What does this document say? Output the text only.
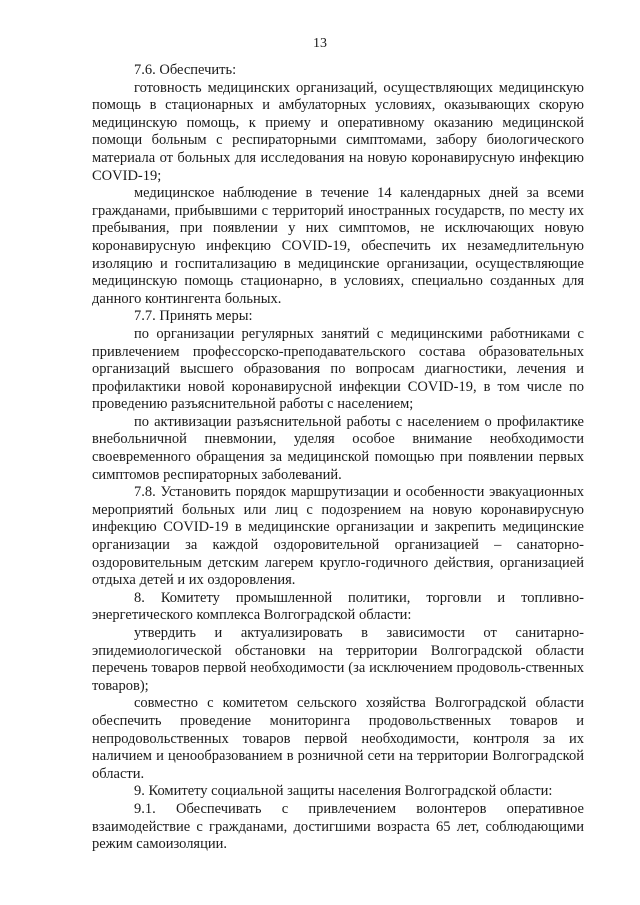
13

7.6. Обеспечить:

готовность медицинских организаций, осуществляющих медицинскую помощь в стационарных и амбулаторных условиях, оказывающих скорую медицинскую помощь, к приему и оперативному оказанию медицинской помощи больным с респираторными симптомами, забору биологического материала от больных для исследования на новую коронавирусную инфекцию COVID-19;

медицинское наблюдение в течение 14 календарных дней за всеми гражданами, прибывшими с территорий иностранных государств, по месту их пребывания, при появлении у них симптомов, не исключающих новую коронавирусную инфекцию COVID-19, обеспечить их незамедлительную изоляцию и госпитализацию в медицинские организации, осуществляющие медицинскую помощь стационарно, в условиях, специально созданных для данного контингента больных.

7.7. Принять меры:

по организации регулярных занятий с медицинскими работниками с привлечением профессорско-преподавательского состава образовательных организаций высшего образования по вопросам диагностики, лечения и профилактики новой коронавирусной инфекции COVID-19, в том числе по проведению разъяснительной работы с населением;

по активизации разъяснительной работы с населением о профилактике внебольничной пневмонии, уделяя особое внимание необходимости своевременного обращения за медицинской помощью при появлении первых симптомов респираторных заболеваний.

7.8. Установить порядок маршрутизации и особенности эвакуационных мероприятий больных или лиц с подозрением на новую коронавирусную инфекцию COVID-19 в медицинские организации и закрепить медицинские организации за каждой оздоровительной организацией – санаторно-оздоровительным детским лагерем кругло-годичного действия, организацией отдыха детей и их оздоровления.

8. Комитету промышленной политики, торговли и топливно-энергетического комплекса Волгоградской области:

утвердить и актуализировать в зависимости от санитарно-эпидемиологической обстановки на территории Волгоградской области перечень товаров первой необходимости (за исключением продоволь-ственных товаров);

совместно с комитетом сельского хозяйства Волгоградской области обеспечить проведение мониторинга продовольственных товаров и непродовольственных товаров первой необходимости, контроля за их наличием и ценообразованием в розничной сети на территории Волгоградской области.

9. Комитету социальной защиты населения Волгоградской области:

9.1. Обеспечивать с привлечением волонтеров оперативное взаимодействие с гражданами, достигшими возраста 65 лет, соблюдающими режим самоизоляции.
